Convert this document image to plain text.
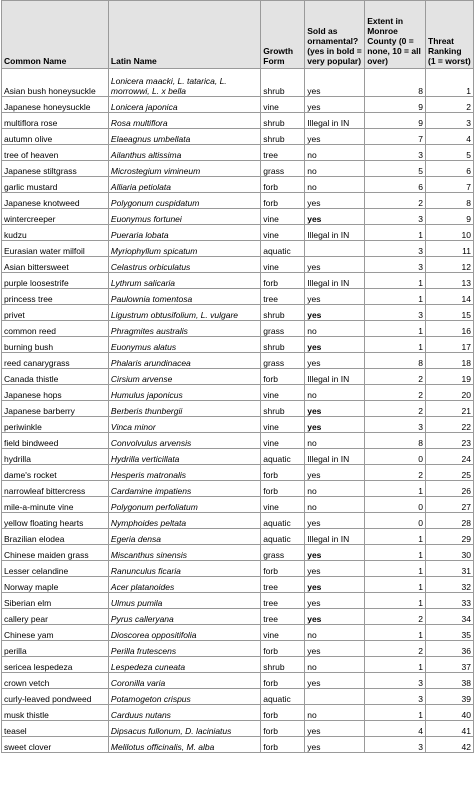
Common Name	Latin Name	Growth Form	Sold as ornamental? (yes in bold = very popular)	Extent in Monroe County (0 = none, 10 = all over)	Threat Ranking (1 = worst)
Asian bush honeysuckle	Lonicera maacki, L. tatarica, L. morrowwi, L. x bella	shrub	yes	8	1
Japanese honeysuckle	Lonicera japonica	vine	yes	9	2
multiflora rose	Rosa multiflora	shrub	Illegal in IN	9	3
autumn olive	Elaeagnus umbellata	shrub	yes	7	4
tree of heaven	Ailanthus altissima	tree	no	3	5
Japanese stiltgrass	Microstegium vimineum	grass	no	5	6
garlic mustard	Alliaria petiolata	forb	no	6	7
Japanese knotweed	Polygonum cuspidatum	forb	yes	2	8
wintercreeper	Euonymus fortunei	vine	yes	3	9
kudzu	Pueraria lobata	vine	Illegal in IN	1	10
Eurasian water milfoil	Myriophyllum spicatum	aquatic		3	11
Asian bittersweet	Celastrus orbiculatus	vine	yes	3	12
purple loosestrife	Lythrum salicaria	forb	Illegal in IN	1	13
princess tree	Paulownia tomentosa	tree	yes	1	14
privet	Ligustrum obtusifolium, L. vulgare	shrub	yes	3	15
common reed	Phragmites australis	grass	no	1	16
burning bush	Euonymus alatus	shrub	yes	1	17
reed canarygrass	Phalaris arundinacea	grass	yes	8	18
Canada thistle	Cirsium arvense	forb	Illegal in IN	2	19
Japanese hops	Humulus japonicus	vine	no	2	20
Japanese barberry	Berberis thunbergii	shrub	yes	2	21
periwinkle	Vinca minor	vine	yes	3	22
field bindweed	Convolvulus arvensis	vine	no	8	23
hydrilla	Hydrilla verticillata	aquatic	Illegal in IN	0	24
dame's rocket	Hesperis matronalis	forb	yes	2	25
narrowleaf bittercress	Cardamine impatiens	forb	no	1	26
mile-a-minute vine	Polygonum perfoliatum	vine	no	0	27
yellow floating hearts	Nymphoides peltata	aquatic	yes	0	28
Brazilian elodea	Egeria densa	aquatic	Illegal in IN	1	29
Chinese maiden grass	Miscanthus sinensis	grass	yes	1	30
Lesser celandine	Ranunculus ficaria	forb	yes	1	31
Norway maple	Acer platanoides	tree	yes	1	32
Siberian elm	Ulmus pumila	tree	yes	1	33
callery pear	Pyrus calleryana	tree	yes	2	34
Chinese yam	Dioscorea oppositifolia	vine	no	1	35
perilla	Perilla frutescens	forb	yes	2	36
sericea lespedeza	Lespedeza cuneata	shrub	no	1	37
crown vetch	Coronilla varia	forb	yes	3	38
curly-leaved pondweed	Potamogeton crispus	aquatic		3	39
musk thistle	Carduus nutans	forb	no	1	40
teasel	Dipsacus fullonum, D. laciniatus	forb	yes	4	41
sweet clover	Melilotus officinalis, M. alba	forb	yes	3	42
